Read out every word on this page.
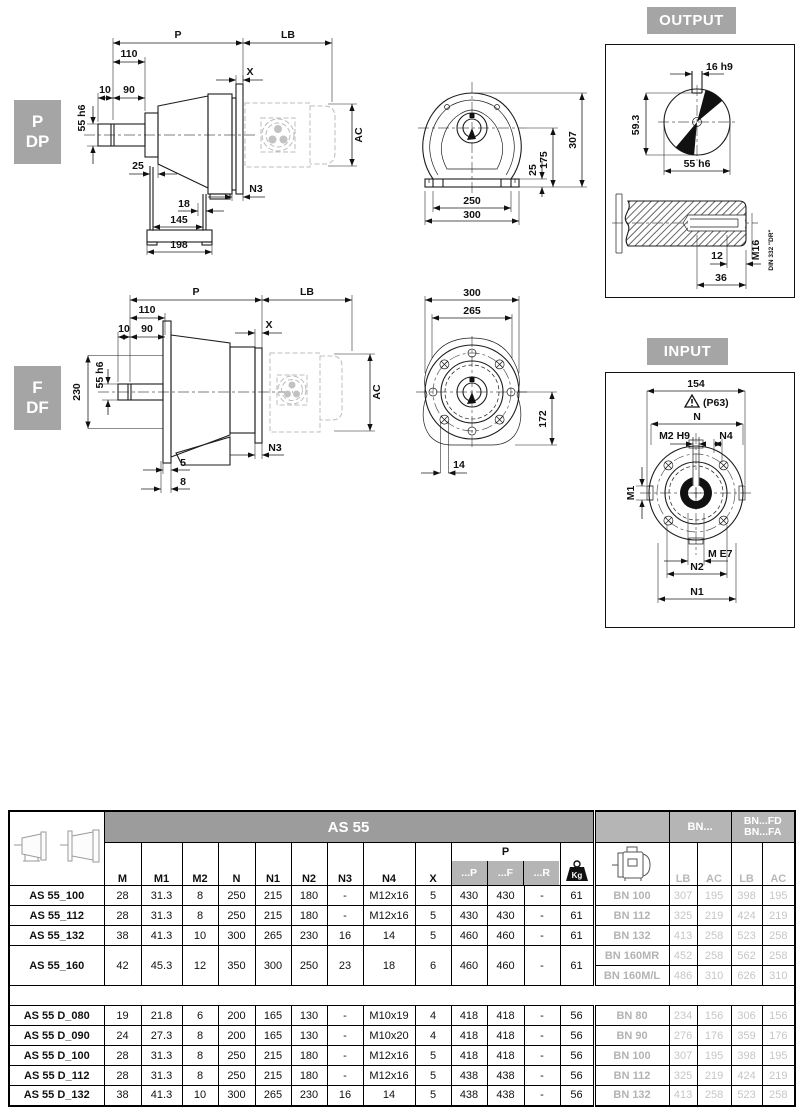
P
DP
F
DF
OUTPUT
INPUT
P	LB
110
X
10 90
55 h6
25
N3
18
145
198
AC	307
175
25
250
300
16 h9
59.3
55 h6
12
36
M16 DIN 332 "DR"
P	LB
110
10 90	X
55 h6
230	AC
N3
5
8
300
265
172
14
154
(P63)
N
M2 H9	N4
M1
M E7
N2
N1
	AS 55														BN...		BN...FD
BN...FA	

	M	M1	M2	N	N1	N2	N3	N4	X	P
...P ...F ...R			Kg		LB	AC	LB	AC
AS 55_100	28	31.3	8	250	215	180	-	M12x16	5	430	430	-	61	BN 100	307	195	398	195
AS 55_112	28	31.3	8	250	215	180	-	M12x16	5	430	430	-	61	BN 112	325	219	424	219
AS 55_132	38	41.3	10	300	265	230	16	14	5	460	460	-	61	BN 132	413	258	523	258
AS 55_160	42	45.3	12	350	300	250	23	18	6	460	460	-	61	BN 160MR	452	258	562	258
														BN 160M/L	486	310	626	310

AS 55 D_080	19	21.8	6	200	165	130	-	M10x19	4	418	418	-	56	BN 80	234	156	306	156
AS 55 D_090	24	27.3	8	200	165	130	-	M10x20	4	418	418	-	56	BN 90	276	176	359	176
AS 55 D_100	28	31.3	8	250	215	180	-	M12x16	5	418	418	-	56	BN 100	307	195	398	195
AS 55 D_112	28	31.3	8	250	215	180	-	M12x16	5	438	438	-	56	BN 112	325	219	424	219
AS 55 D_132	38	41.3	10	300	265	230	16	14	5	438	438	-	56	BN 132	413	258	523	258
